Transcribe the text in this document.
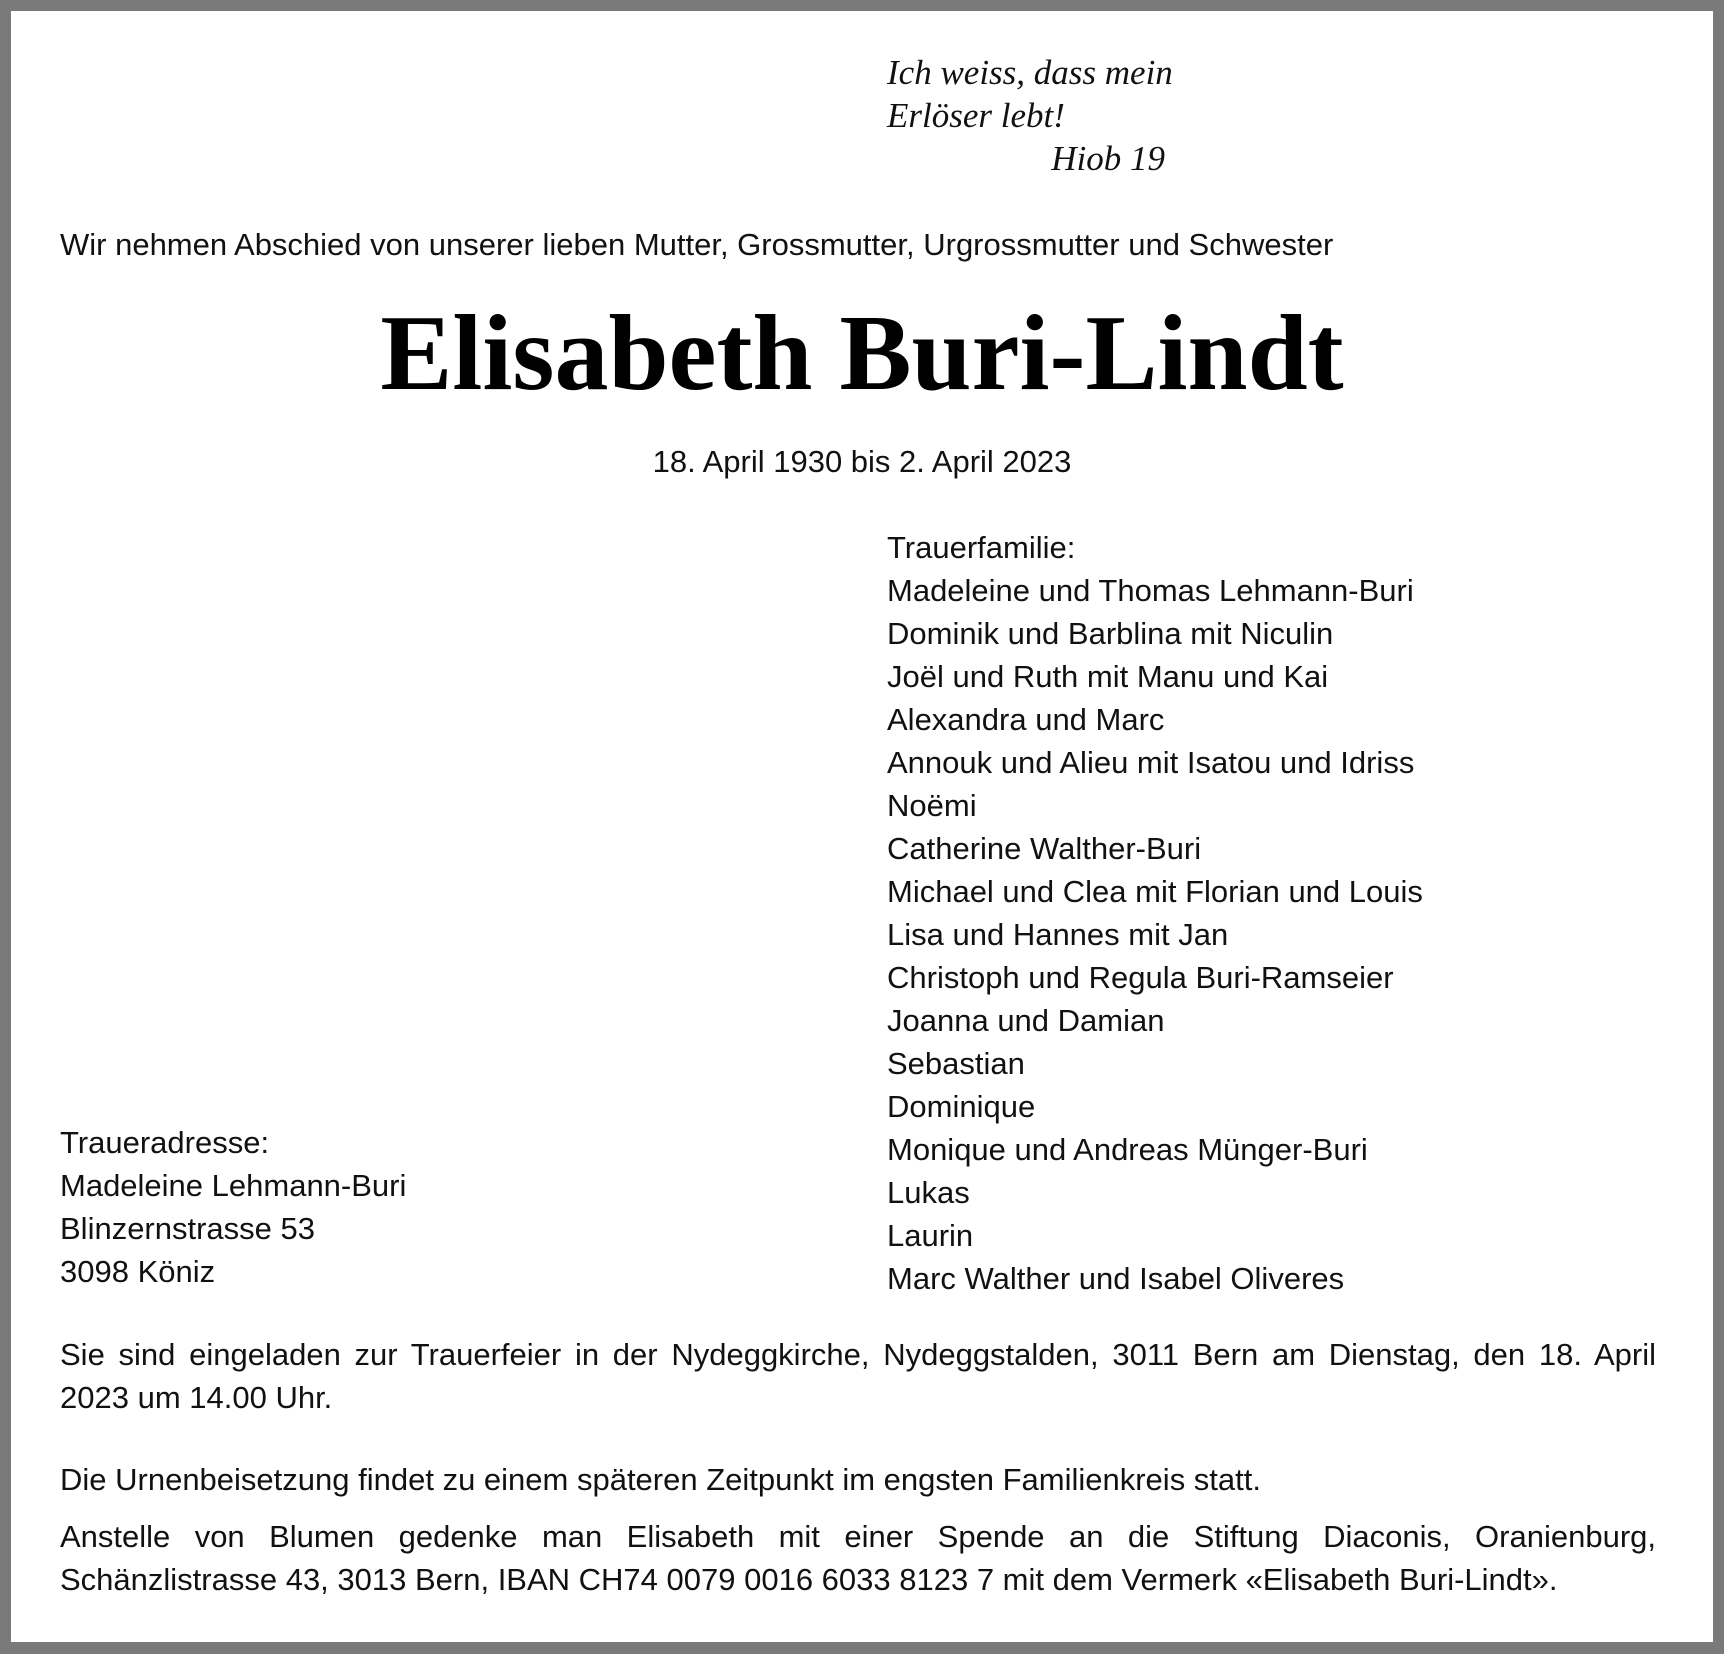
Ich weiss, dass mein
Erlöser lebt!
Hiob 19

Wir nehmen Abschied von unserer lieben Mutter, Grossmutter, Urgrossmutter und Schwester

Elisabeth Buri-Lindt

18. April 1930 bis 2. April 2023

Trauerfamilie:
Madeleine und Thomas Lehmann-Buri
Dominik und Barblina mit Niculin
Joël und Ruth mit Manu und Kai
Alexandra und Marc
Annouk und Alieu mit Isatou und Idriss
Noëmi
Catherine Walther-Buri
Michael und Clea mit Florian und Louis
Lisa und Hannes mit Jan
Christoph und Regula Buri-Ramseier
Joanna und Damian
Sebastian
Dominique
Monique und Andreas Münger-Buri
Lukas
Laurin
Marc Walther und Isabel Oliveres
Traueradresse:
Madeleine Lehmann-Buri
Blinzernstrasse 53
3098 Köniz

Sie sind eingeladen zur Trauerfeier in der Nydeggkirche, Nydeggstalden, 3011 Bern am Dienstag, den 18. April 2023 um 14.00 Uhr.

Die Urnenbeisetzung findet zu einem späteren Zeitpunkt im engsten Familienkreis statt.

Anstelle von Blumen gedenke man Elisabeth mit einer Spende an die Stiftung Diaconis, Oranienburg, Schänzlistrasse 43, 3013 Bern, IBAN CH74 0079 0016 6033 8123 7 mit dem Vermerk «Elisabeth Buri-Lindt».
